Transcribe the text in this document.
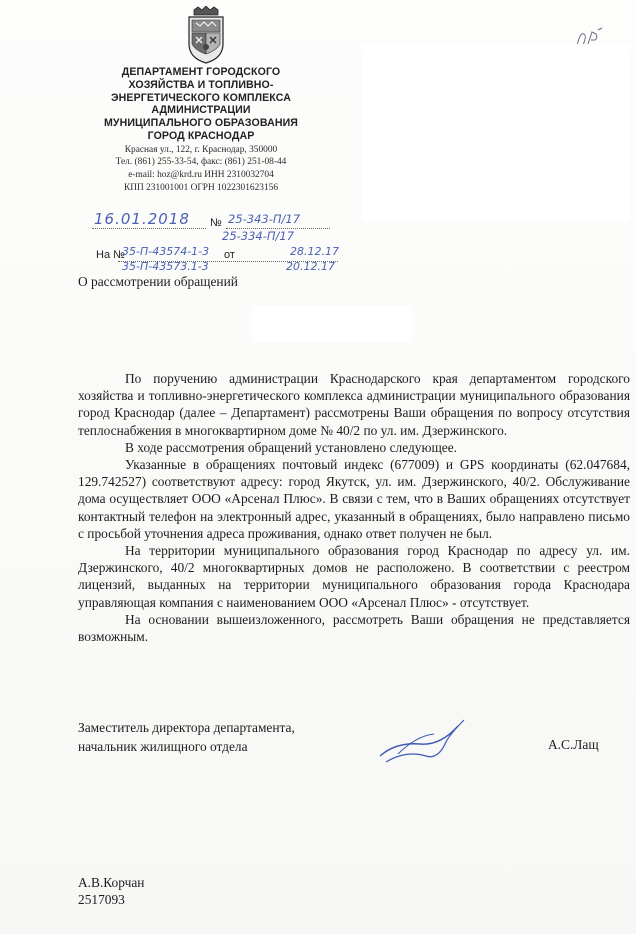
ДЕПАРТАМЕНТ ГОРОДСКОГО
ХОЗЯЙСТВА И ТОПЛИВНО-
ЭНЕРГЕТИЧЕСКОГО КОМПЛЕКСА
АДМИНИСТРАЦИИ
МУНИЦИПАЛЬНОГО ОБРАЗОВАНИЯ
ГОРОД КРАСНОДАР
Красная ул., 122, г. Краснодар, 350000
Тел. (861) 255-33-54, факс: (861) 251-08-44
e-mail: hoz@krd.ru ИНН 2310032704
КПП 231001001 ОГРН 1022301623156
16.01.2018 № 25-343-П/17
25-334-П/17
На №
35-П-43574-1-3
35-П-43573.1-3
от	28.12.17
20.12.17
О рассмотрении обращений

По поручению администрации Краснодарского края департаментом городского хозяйства и топливно-энергетического комплекса администрации муниципального образования город Краснодар (далее – Департамент) рассмотрены Ваши обращения по вопросу отсутствия теплоснабжения в многоквартирном доме № 40/2 по ул. им. Дзержинского.

В ходе рассмотрения обращений установлено следующее.

Указанные в обращениях почтовый индекс (677009) и GPS координаты (62.047684, 129.742527) соответствуют адресу: город Якутск, ул. им. Дзержинского, 40/2. Обслуживание дома осуществляет ООО «Арсенал Плюс». В связи с тем, что в Ваших обращениях отсутствует контактный телефон на электронный адрес, указанный в обращениях, было направлено письмо с просьбой уточнения адреса проживания, однако ответ получен не был.

На территории муниципального образования город Краснодар по адресу ул. им. Дзержинского, 40/2 многоквартирных домов не расположено. В соответствии с реестром лицензий, выданных на территории муниципального образования города Краснодара управляющая компания с наименованием ООО «Арсенал Плюс» - отсутствует.

На основании вышеизложенного, рассмотреть Ваши обращения не представляется возможным.

Заместитель директора департамента,
начальник жилищного отдела	А.С.Лащ
А.В.Корчан
2517093
